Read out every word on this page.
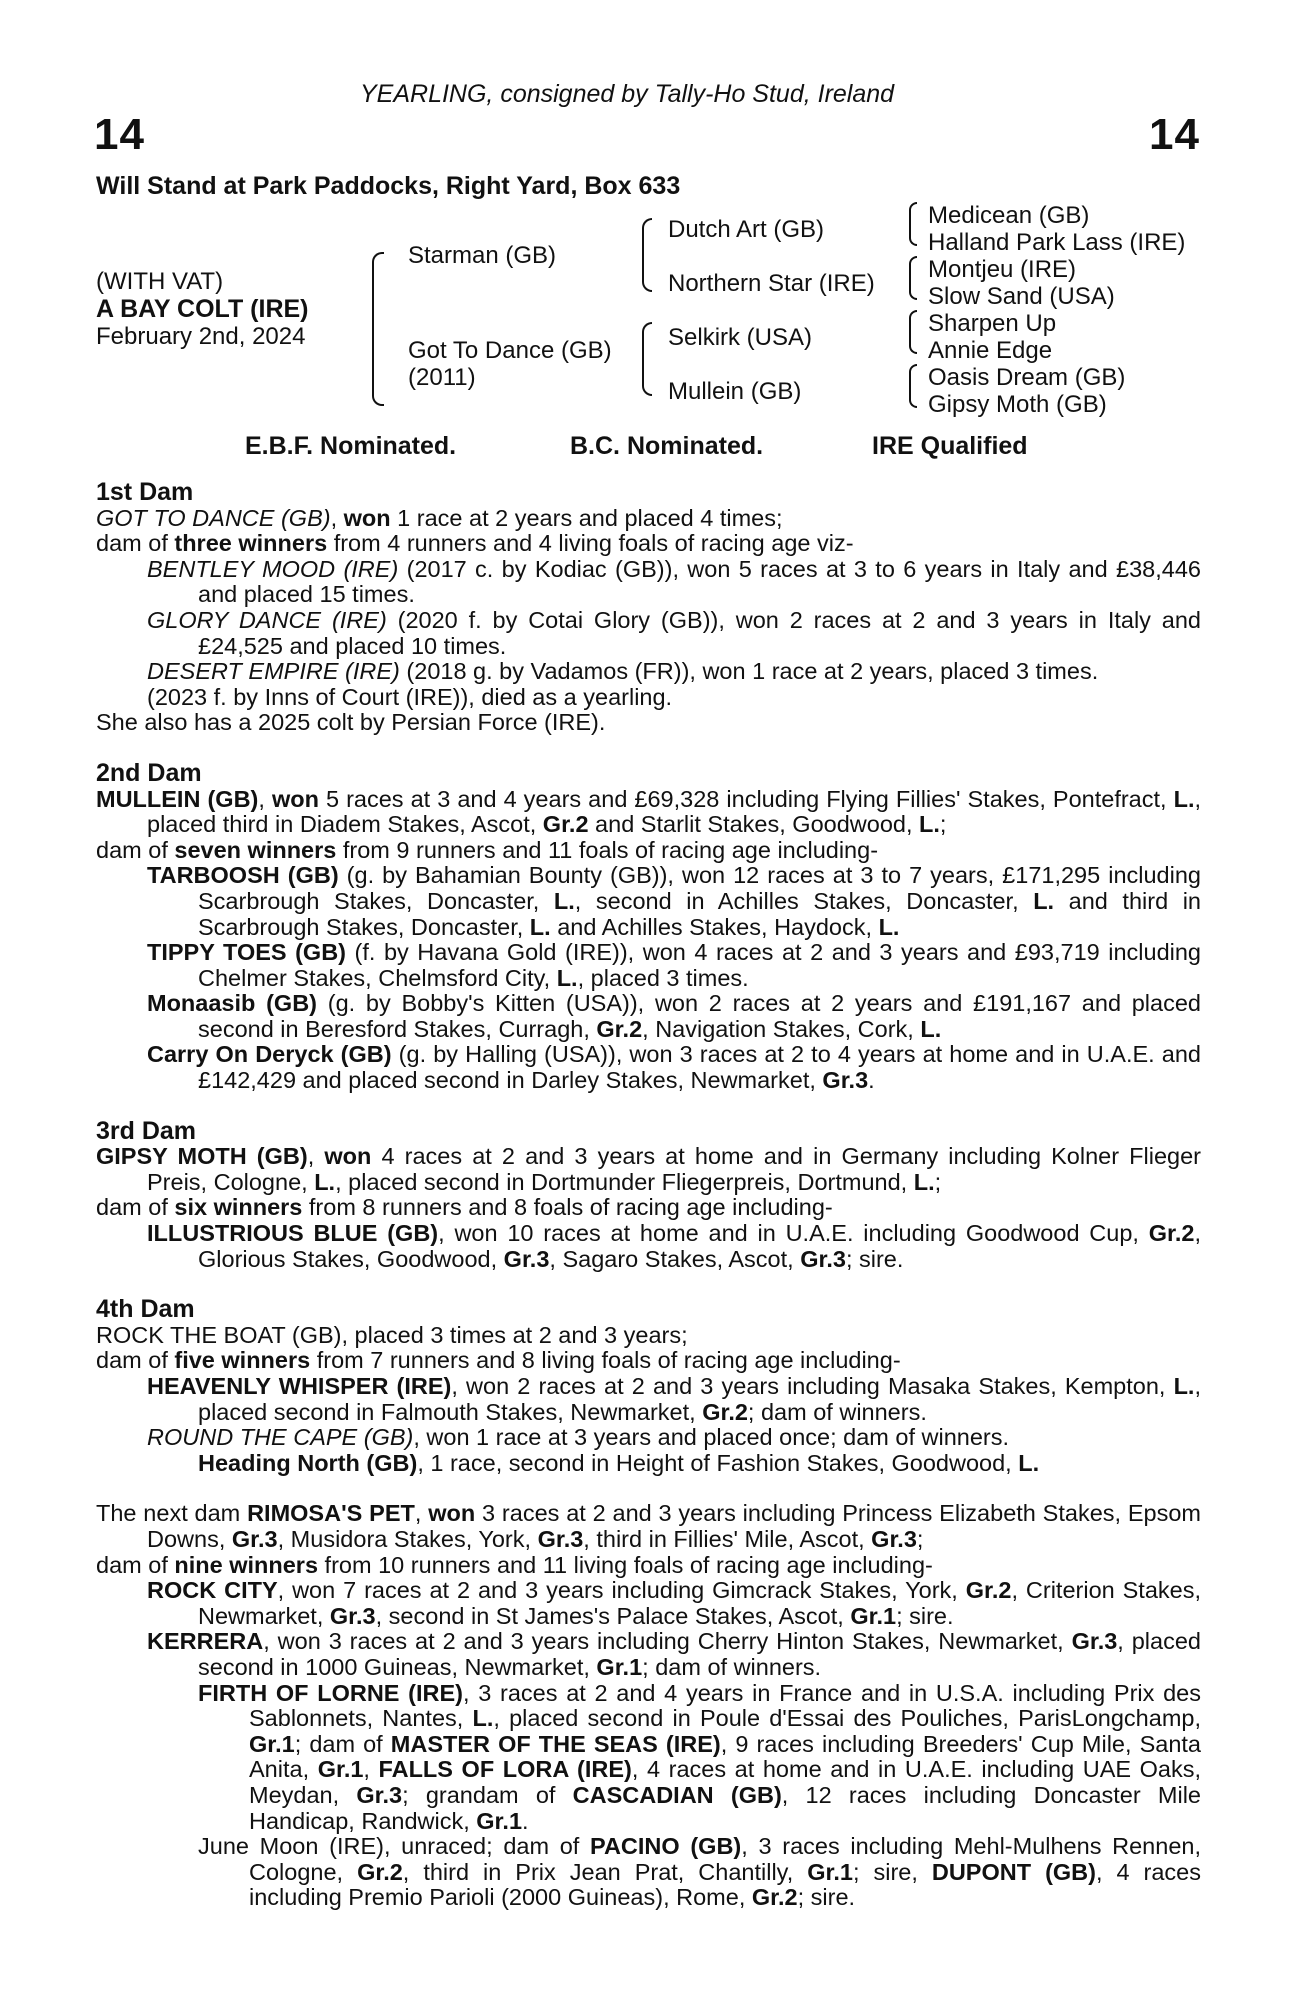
YEARLING, consigned by Tally-Ho Stud, Ireland
14	14
Will Stand at Park Paddocks, Right Yard, Box 633
(WITH VAT)
A BAY COLT (IRE)
February 2nd, 2024
Starman (GB)
Got To Dance (GB)
(2011)
Dutch Art (GB)
Northern Star (IRE)
Selkirk (USA)
Mullein (GB)
Medicean (GB)
Halland Park Lass (IRE)
Montjeu (IRE)
Slow Sand (USA)
Sharpen Up
Annie Edge
Oasis Dream (GB)
Gipsy Moth (GB)
E.B.F. Nominated.	B.C. Nominated.	IRE Qualified

1st Dam

GOT TO DANCE (GB), won 1 race at 2 years and placed 4 times;

dam of three winners from 4 runners and 4 living foals of racing age viz-

BENTLEY MOOD (IRE) (2017 c. by Kodiac (GB)), won 5 races at 3 to 6 years in Italy and £38,446 and placed 15 times.

GLORY DANCE (IRE) (2020 f. by Cotai Glory (GB)), won 2 races at 2 and 3 years in Italy and £24,525 and placed 10 times.

DESERT EMPIRE (IRE) (2018 g. by Vadamos (FR)), won 1 race at 2 years, placed 3 times.

(2023 f. by Inns of Court (IRE)), died as a yearling.

She also has a 2025 colt by Persian Force (IRE).

2nd Dam

MULLEIN (GB), won 5 races at 3 and 4 years and £69,328 including Flying Fillies' Stakes, Pontefract, L., placed third in Diadem Stakes, Ascot, Gr.2 and Starlit Stakes, Goodwood, L.;

dam of seven winners from 9 runners and 11 foals of racing age including-

TARBOOSH (GB) (g. by Bahamian Bounty (GB)), won 12 races at 3 to 7 years, £171,295 including Scarbrough Stakes, Doncaster, L., second in Achilles Stakes, Doncaster, L. and third in Scarbrough Stakes, Doncaster, L. and Achilles Stakes, Haydock, L.

TIPPY TOES (GB) (f. by Havana Gold (IRE)), won 4 races at 2 and 3 years and £93,719 including Chelmer Stakes, Chelmsford City, L., placed 3 times.

Monaasib (GB) (g. by Bobby's Kitten (USA)), won 2 races at 2 years and £191,167 and placed second in Beresford Stakes, Curragh, Gr.2, Navigation Stakes, Cork, L.

Carry On Deryck (GB) (g. by Halling (USA)), won 3 races at 2 to 4 years at home and in U.A.E. and £142,429 and placed second in Darley Stakes, Newmarket, Gr.3.

3rd Dam

GIPSY MOTH (GB), won 4 races at 2 and 3 years at home and in Germany including Kolner Flieger Preis, Cologne, L., placed second in Dortmunder Fliegerpreis, Dortmund, L.;

dam of six winners from 8 runners and 8 foals of racing age including-

ILLUSTRIOUS BLUE (GB), won 10 races at home and in U.A.E. including Goodwood Cup, Gr.2, Glorious Stakes, Goodwood, Gr.3, Sagaro Stakes, Ascot, Gr.3; sire.

4th Dam

ROCK THE BOAT (GB), placed 3 times at 2 and 3 years;

dam of five winners from 7 runners and 8 living foals of racing age including-

HEAVENLY WHISPER (IRE), won 2 races at 2 and 3 years including Masaka Stakes, Kempton, L., placed second in Falmouth Stakes, Newmarket, Gr.2; dam of winners.

ROUND THE CAPE (GB), won 1 race at 3 years and placed once; dam of winners.

Heading North (GB), 1 race, second in Height of Fashion Stakes, Goodwood, L.

The next dam RIMOSA'S PET, won 3 races at 2 and 3 years including Princess Elizabeth Stakes, Epsom Downs, Gr.3, Musidora Stakes, York, Gr.3, third in Fillies' Mile, Ascot, Gr.3;

dam of nine winners from 10 runners and 11 living foals of racing age including-

ROCK CITY, won 7 races at 2 and 3 years including Gimcrack Stakes, York, Gr.2, Criterion Stakes, Newmarket, Gr.3, second in St James's Palace Stakes, Ascot, Gr.1; sire.

KERRERA, won 3 races at 2 and 3 years including Cherry Hinton Stakes, Newmarket, Gr.3, placed second in 1000 Guineas, Newmarket, Gr.1; dam of winners.

FIRTH OF LORNE (IRE), 3 races at 2 and 4 years in France and in U.S.A. including Prix des Sablonnets, Nantes, L., placed second in Poule d'Essai des Pouliches, ParisLongchamp, Gr.1; dam of MASTER OF THE SEAS (IRE), 9 races including Breeders' Cup Mile, Santa Anita, Gr.1, FALLS OF LORA (IRE), 4 races at home and in U.A.E. including UAE Oaks, Meydan, Gr.3; grandam of CASCADIAN (GB), 12 races including Doncaster Mile Handicap, Randwick, Gr.1.

June Moon (IRE), unraced; dam of PACINO (GB), 3 races including Mehl-Mulhens Rennen, Cologne, Gr.2, third in Prix Jean Prat, Chantilly, Gr.1; sire, DUPONT (GB), 4 races including Premio Parioli (2000 Guineas), Rome, Gr.2; sire.
